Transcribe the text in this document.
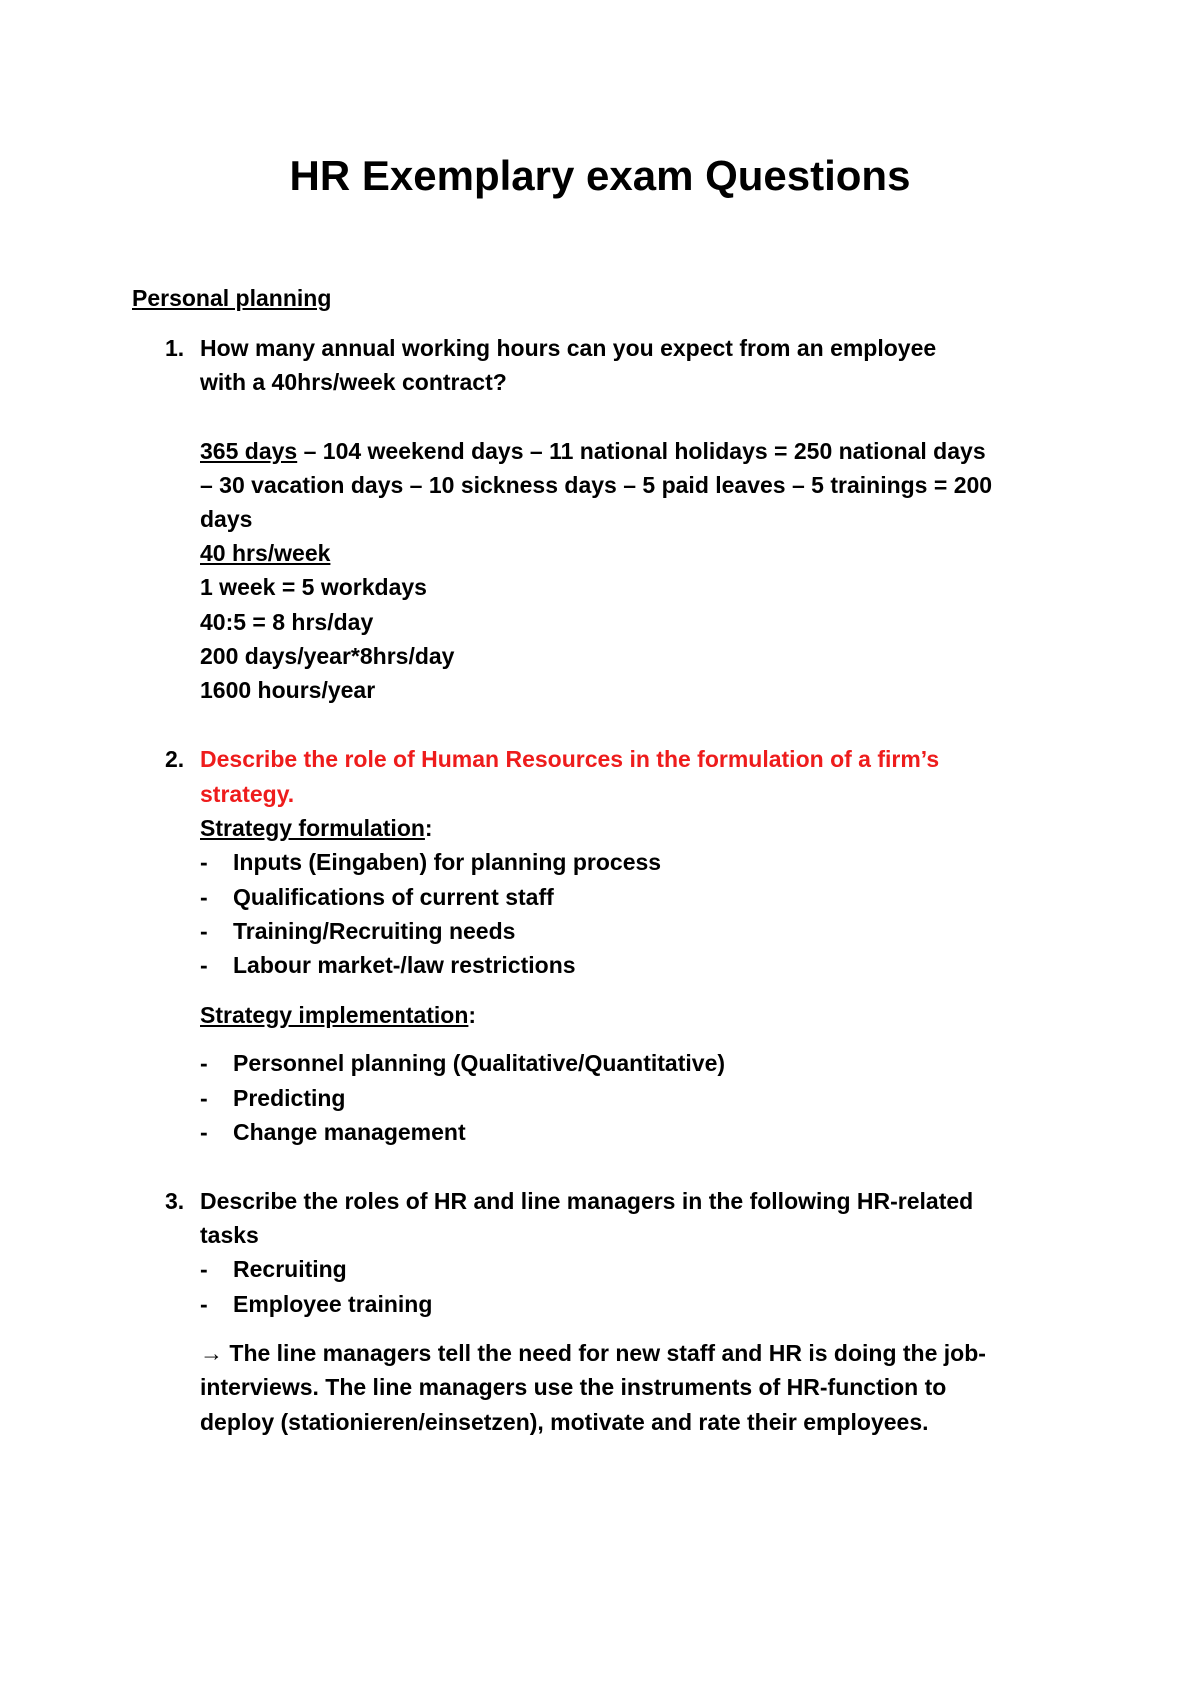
HR Exemplary exam Questions
Personal planning
1. How many annual working hours can you expect from an employee
with a 40hrs/week contract?
365 days – 104 weekend days – 11 national holidays = 250 national days
– 30 vacation days – 10 sickness days – 5 paid leaves – 5 trainings = 200
days
40 hrs/week
1 week = 5 workdays
40:5 = 8 hrs/day
200 days/year*8hrs/day
1600 hours/year
2. Describe the role of Human Resources in the formulation of a firm’s
strategy.
Strategy formulation:
- Inputs (Eingaben) for planning process
- Qualifications of current staff
- Training/Recruiting needs
- Labour market-/law restrictions
Strategy implementation:
- Personnel planning (Qualitative/Quantitative)
- Predicting
- Change management
3. Describe the roles of HR and line managers in the following HR-related
tasks
- Recruiting
- Employee training
→ The line managers tell the need for new staff and HR is doing the job-
interviews. The line managers use the instruments of HR-function to
deploy (stationieren/einsetzen), motivate and rate their employees.
